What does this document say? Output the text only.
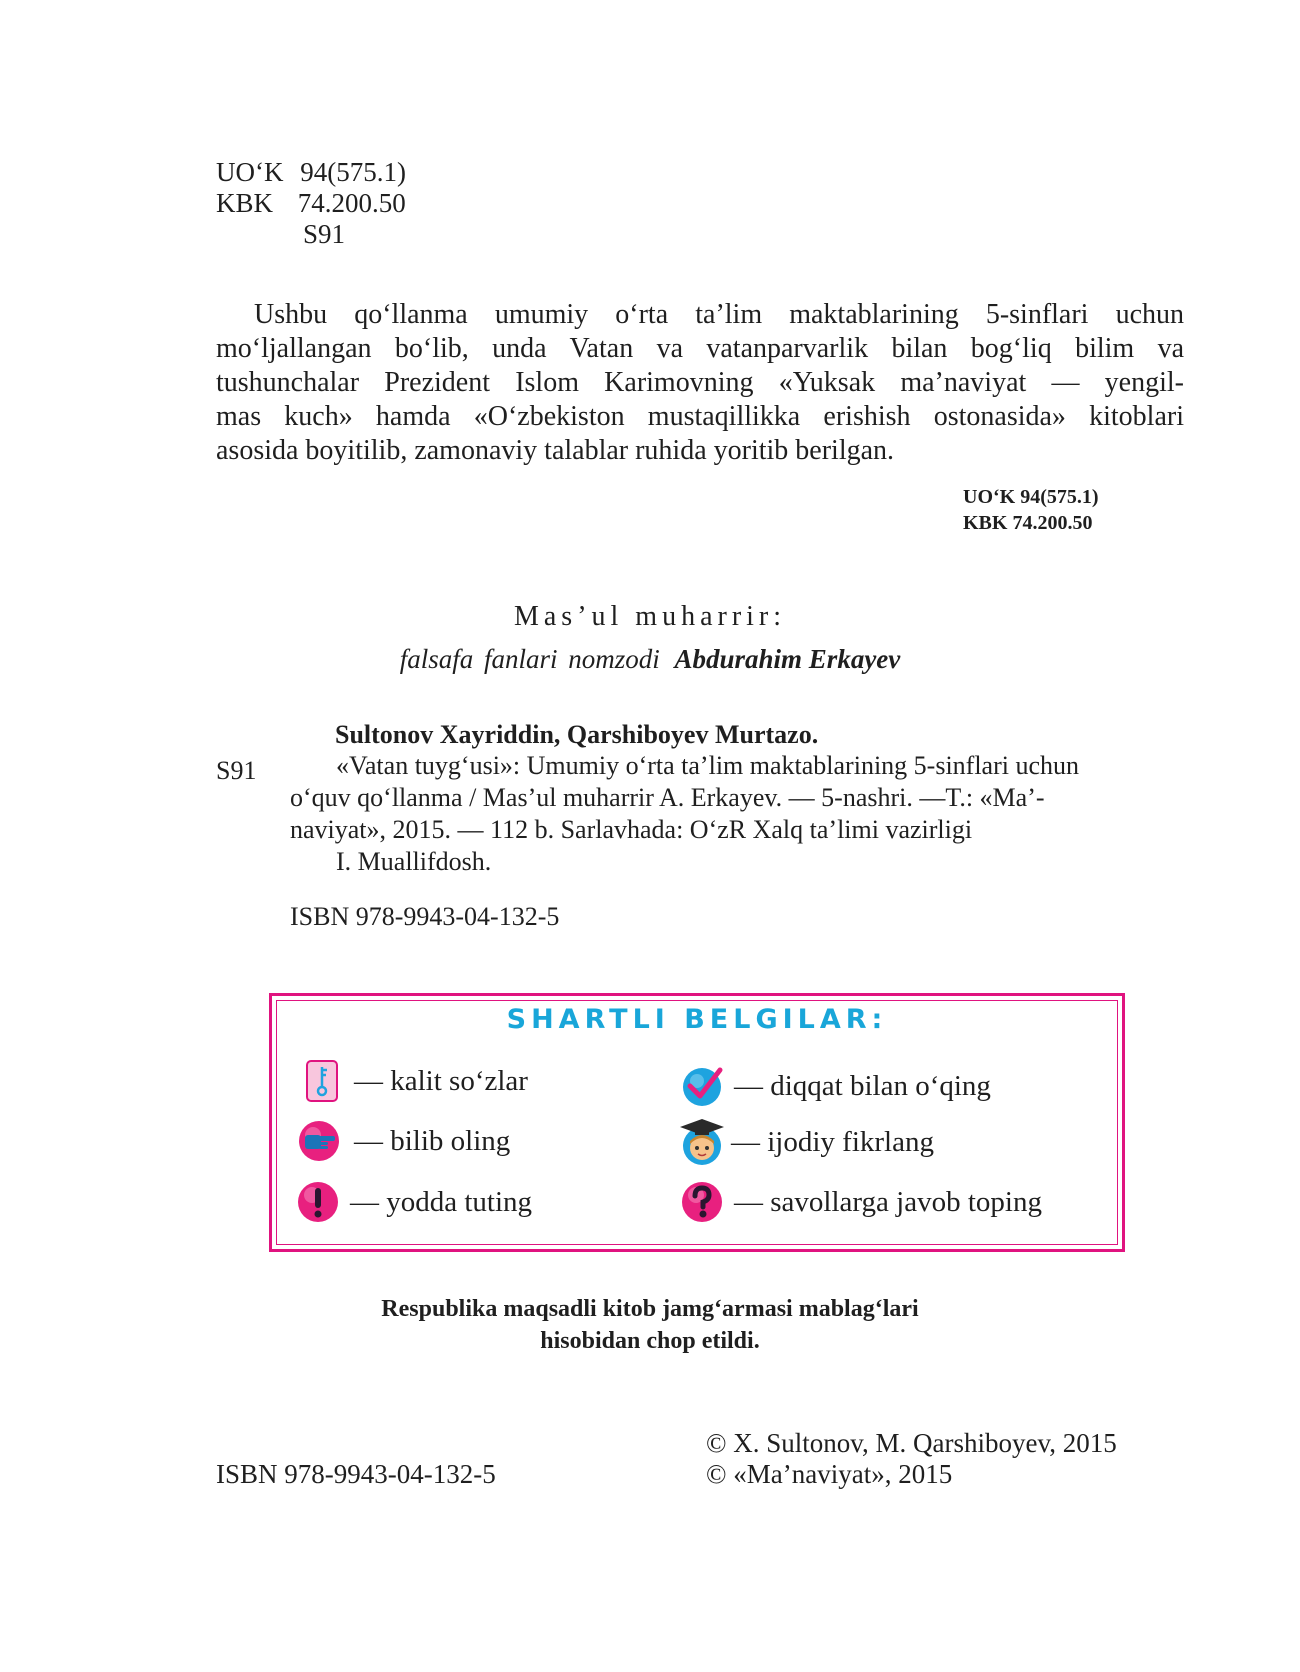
UO‘K 94(575.1)
KBK 74.200.50
S91
Ushbu qo‘llanma umumiy o‘rta ta’lim maktablarining 5-sinflari uchun
mo‘ljallangan bo‘lib, unda Vatan va vatanparvarlik bilan bog‘liq bilim va
tushunchalar Prezident Islom Karimovning «Yuksak ma’naviyat — yengil-
mas kuch» hamda «O‘zbekiston mustaqillikka erishish ostonasida» kitoblari
asosida boyitilib, zamonaviy talablar ruhida yoritib berilgan.
UO‘K 94(575.1)
KBK 74.200.50
Mas’ul muharrir:
falsafa fanlari nomzodi Abdurahim Erkayev
Sultonov Xayriddin, Qarshiboyev Murtazo.
S91	«Vatan tuyg‘usi»: Umumiy o‘rta ta’lim maktablarining 5-sinflari uchun
o‘quv qo‘llanma / Mas’ul muharrir A. Erkayev. — 5-nashri. —T.: «Ma’-
naviyat», 2015. — 112 b. Sarlavhada: O‘zR Xalq ta’limi vazirligi
I. Muallifdosh.
ISBN 978-9943-04-132-5
SHARTLI BELGILAR:
— kalit so‘zlar	— diqqat bilan o‘qing
— bilib oling	— ijodiy fikrlang
— yodda tuting	— savollarga javob toping
Respublika maqsadli kitob jamg‘armasi mablag‘lari
hisobidan chop etildi.
ISBN 978-9943-04-132-5
© X. Sultonov, M. Qarshiboyev, 2015
© «Ma’naviyat», 2015
